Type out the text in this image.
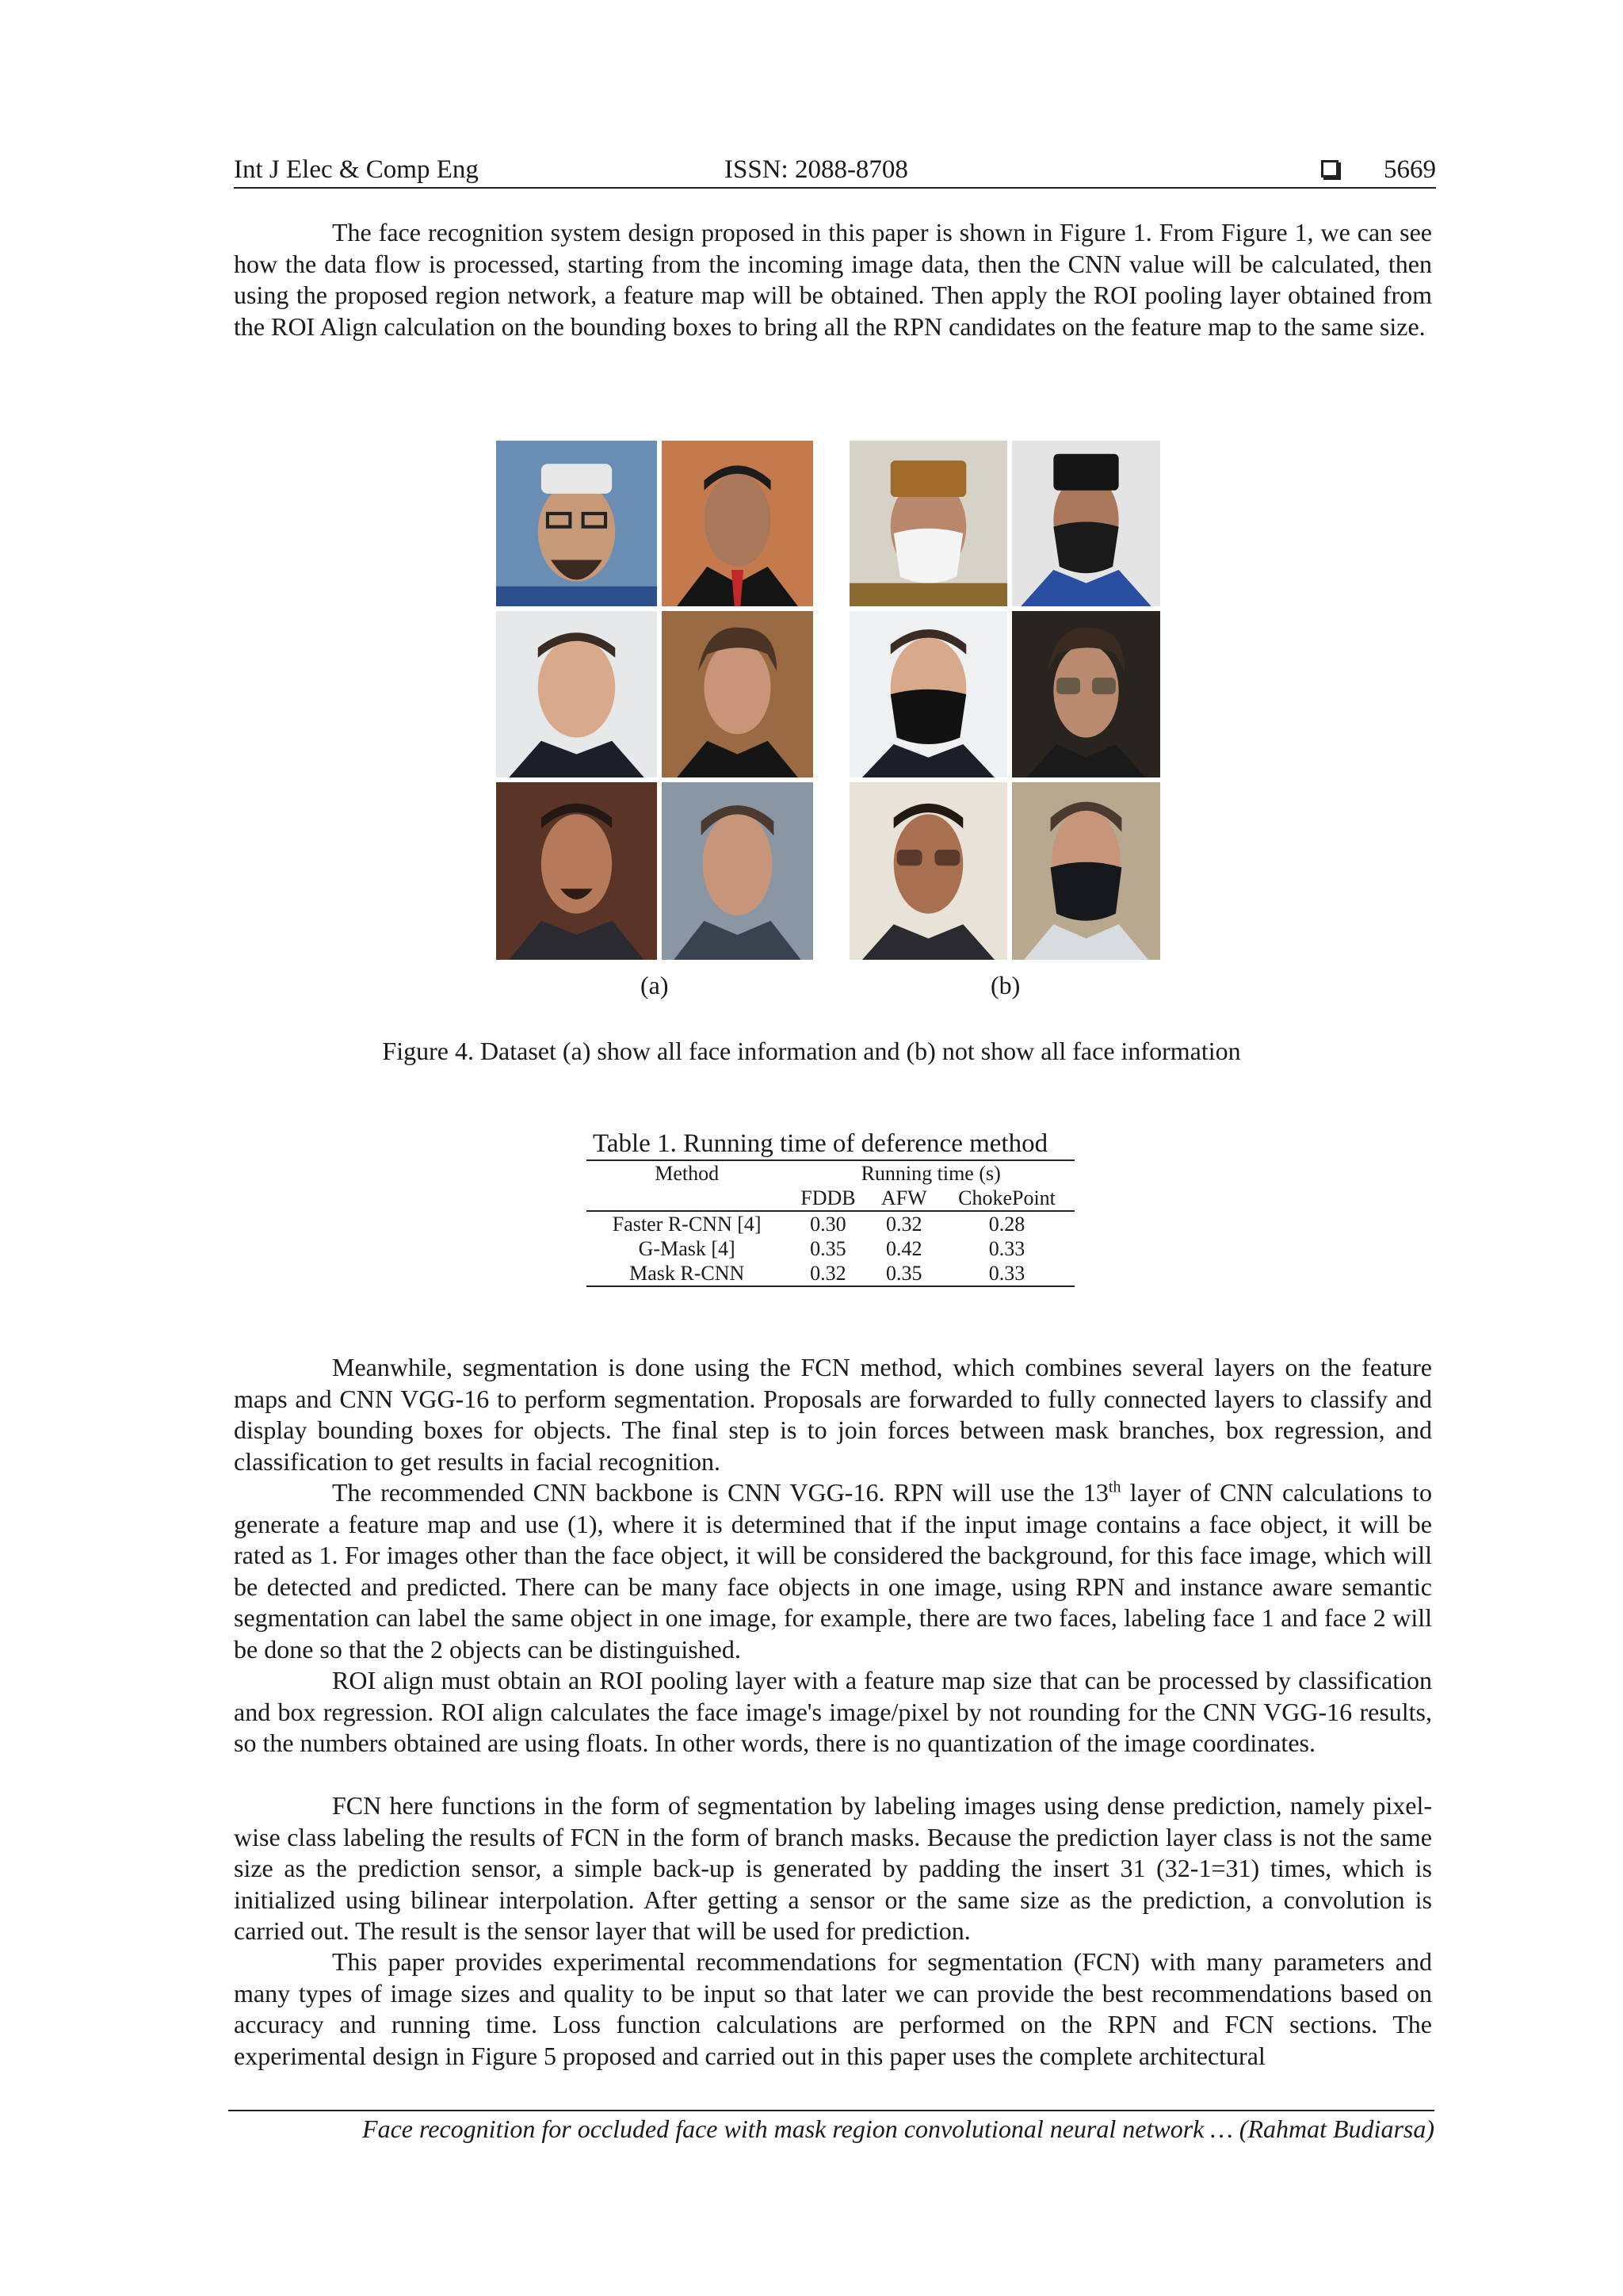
Int J Elec & Comp Eng	ISSN: 2088-8708	5669

The face recognition system design proposed in this paper is shown in Figure 1. From Figure 1, we can see how the data flow is processed, starting from the incoming image data, then the CNN value will be calculated, then using the proposed region network, a feature map will be obtained. Then apply the ROI pooling layer obtained from the ROI Align calculation on the bounding boxes to bring all the RPN candidates on the feature map to the same size.

(a)	(b)
Figure 4. Dataset (a) show all face information and (b) not show all face information
Table 1. Running time of deference method
Method	Running time (s)		
	FDDB	AFW	ChokePoint
Faster R-CNN [4]	0.30	0.32	0.28
G-Mask [4]	0.35	0.42	0.33
Mask R-CNN	0.32	0.35	0.33

Meanwhile, segmentation is done using the FCN method, which combines several layers on the feature maps and CNN VGG-16 to perform segmentation. Proposals are forwarded to fully connected layers to classify and display bounding boxes for objects. The final step is to join forces between mask branches, box regression, and classification to get results in facial recognition.

The recommended CNN backbone is CNN VGG-16. RPN will use the 13th layer of CNN calculations to generate a feature map and use (1), where it is determined that if the input image contains a face object, it will be rated as 1. For images other than the face object, it will be considered the background, for this face image, which will be detected and predicted. There can be many face objects in one image, using RPN and instance aware semantic segmentation can label the same object in one image, for example, there are two faces, labeling face 1 and face 2 will be done so that the 2 objects can be distinguished.

ROI align must obtain an ROI pooling layer with a feature map size that can be processed by classification and box regression. ROI align calculates the face image's image/pixel by not rounding for the CNN VGG-16 results, so the numbers obtained are using floats. In other words, there is no quantization of the image coordinates.

FCN here functions in the form of segmentation by labeling images using dense prediction, namely pixel-wise class labeling the results of FCN in the form of branch masks. Because the prediction layer class is not the same size as the prediction sensor, a simple back-up is generated by padding the insert 31 (32-1=31) times, which is initialized using bilinear interpolation. After getting a sensor or the same size as the prediction, a convolution is carried out. The result is the sensor layer that will be used for prediction.

This paper provides experimental recommendations for segmentation (FCN) with many parameters and many types of image sizes and quality to be input so that later we can provide the best recommendations based on accuracy and running time. Loss function calculations are performed on the RPN and FCN sections. The experimental design in Figure 5 proposed and carried out in this paper uses the complete architectural

Face recognition for occluded face with mask region convolutional neural network … (Rahmat Budiarsa)
